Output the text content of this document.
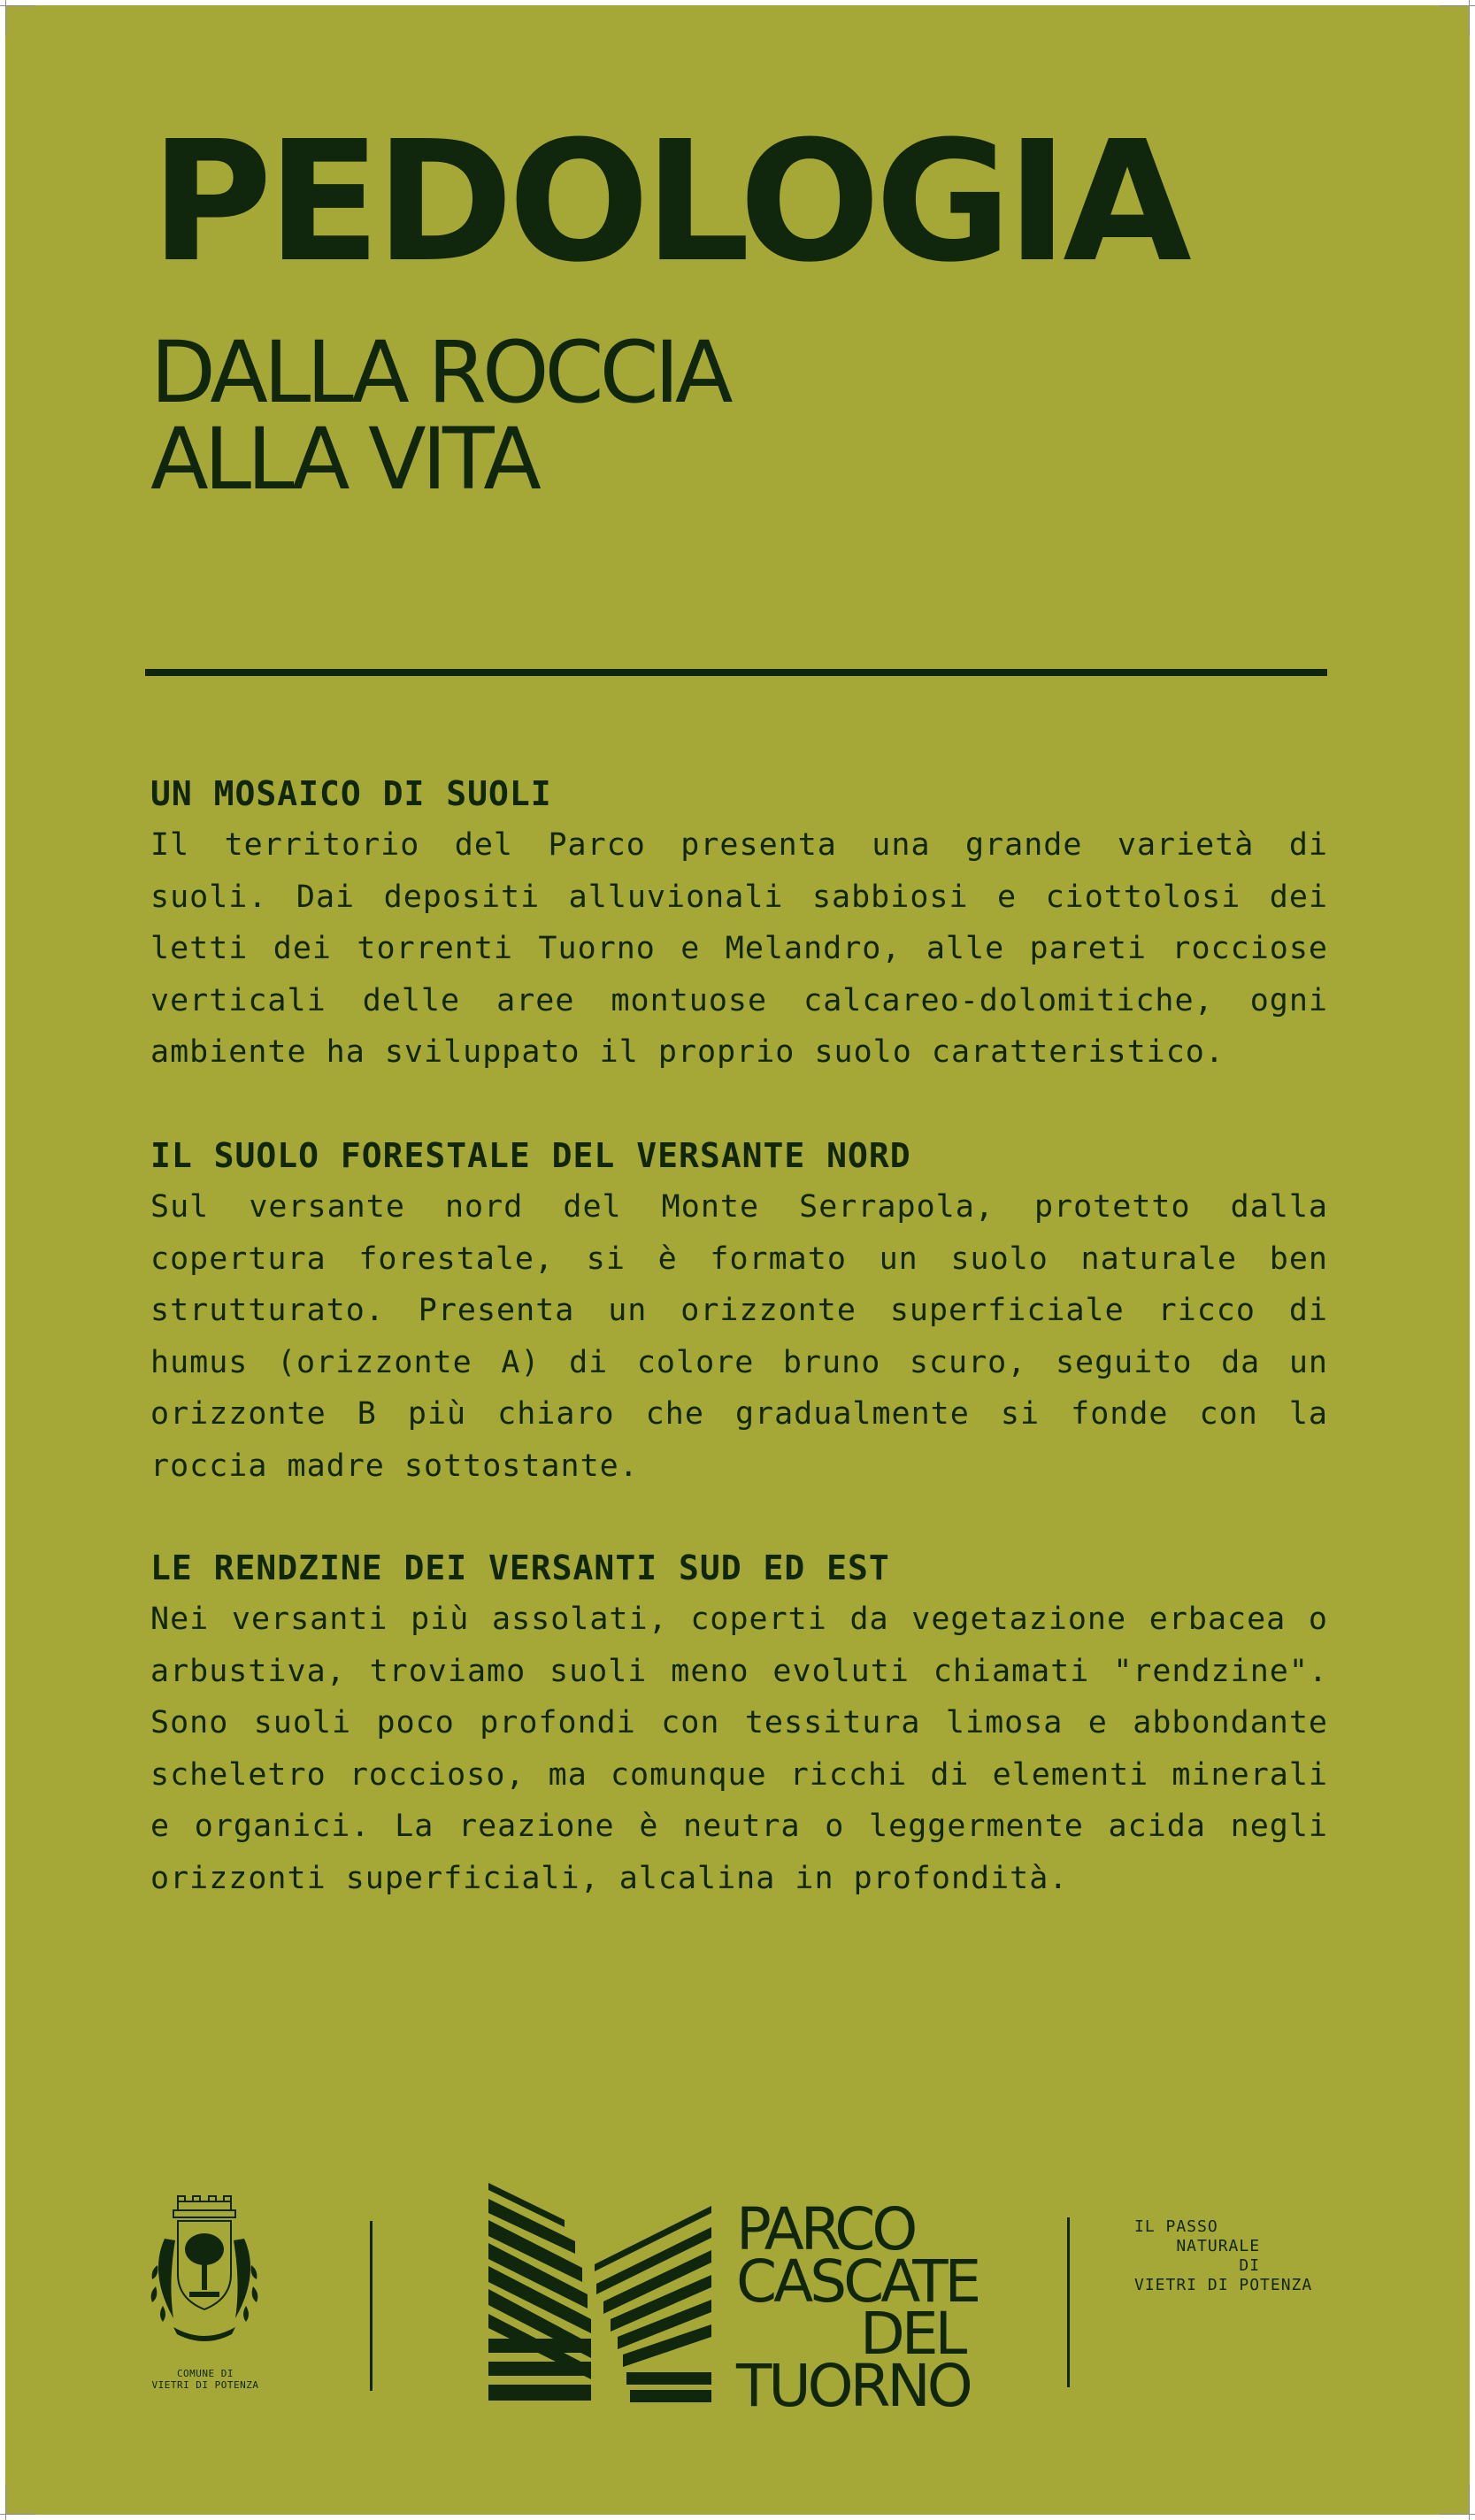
PEDOLOGIA
DALLA ROCCIA
ALLA VITA
UN MOSAICO DI SUOLI

Il territorio del Parco presenta una grande varietà di suoli. Dai depositi alluvionali sabbiosi e ciottolosi dei letti dei torrenti Tuorno e Melandro, alle pareti rocciose verticali delle aree montuose calcareo-dolomitiche, ogni ambiente ha sviluppato il proprio suolo caratteristico.

IL SUOLO FORESTALE DEL VERSANTE NORD

Sul versante nord del Monte Serrapola, protetto dalla copertura forestale, si è formato un suolo naturale ben strutturato. Presenta un orizzonte superficiale ricco di humus (orizzonte A) di colore bruno scuro, seguito da un orizzonte B più chiaro che gradualmente si fonde con la roccia madre sottostante.

LE RENDZINE DEI VERSANTI SUD ED EST

Nei versanti più assolati, coperti da vegetazione erbacea o arbustiva, troviamo suoli meno evoluti chiamati "rendzine". Sono suoli poco profondi con tessitura limosa e abbondante scheletro roccioso, ma comunque ricchi di elementi minerali e organici. La reazione è neutra o leggermente acida negli orizzonti superficiali, alcalina in profondità.

COMUNE DI
VIETRI DI POTENZA
PARCO
CASCATE
DEL
TUORNO
IL PASSO
NATURALE
DI
VIETRI DI POTENZA
